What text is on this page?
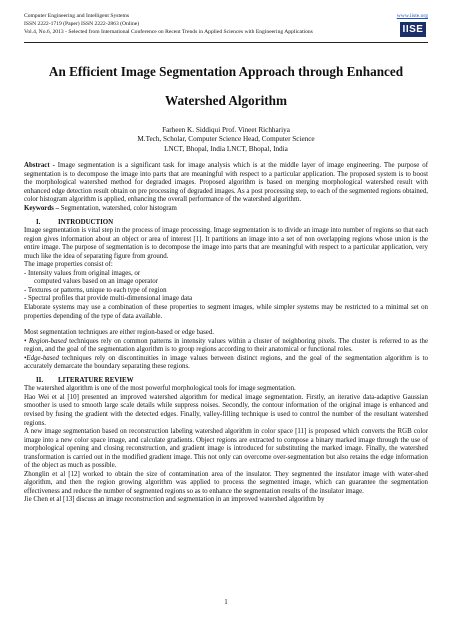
Computer Engineering and Intelligent Systems	www.iiste.org
ISSN 2222-1719 (Paper) ISSN 2222-2863 (Online)
Vol.4, No.6, 2013 - Selected from International Conference on Recent Trends in Applied Sciences with Engineering Applications	IISE
An Efficient Image Segmentation Approach through Enhanced
Watershed Algorithm
Farheen K. Siddiqui Prof. Vineet Richhariya
M.Tech, Scholar, Computer Science Head, Computer Science
LNCT, Bhopal, India LNCT, Bhopal, India

Abstract - Image segmentation is a significant task for image analysis which is at the middle layer of image engineering. The purpose of segmentation is to decompose the image into parts that are meaningful with respect to a particular application. The proposed system is to boost the morphological watershed method for degraded images. Proposed algorithm is based on merging morphological watershed result with enhanced edge detection result obtain on pre processing of degraded images. As a post processing step, to each of the segmented regions obtained, color histogram algorithm is applied, enhancing the overall performance of the watershed algorithm.

Keywords – Segmentation, watershed, color histogram

I.	INTRODUCTION

Image segmentation is vital step in the process of image processing. Image segmentation is to divide an image into number of regions so that each region gives information about an object or area of interest [1]. It partitions an image into a set of non overlapping regions whose union is the entire image. The purpose of segmentation is to decompose the image into parts that are meaningful with respect to a particular application, very much like the idea of separating figure from ground.

The image properties consist of:

- Intensity values from original images, or

computed values based on an image operator

- Textures or patterns, unique to each type of region

- Spectral profiles that provide multi-dimensional image data

Elaborate systems may use a combination of these properties to segment images, while simpler systems may be restricted to a minimal set on properties depending of the type of data available.

Most segmentation techniques are either region-based or edge based.

• Region-based techniques rely on common patterns in intensity values within a cluster of neighboring pixels. The cluster is referred to as the region, and the goal of the segmentation algorithm is to group regions according to their anatomical or functional roles.

•Edge-based techniques rely on discontinuities in image values between distinct regions, and the goal of the segmentation algorithm is to accurately demarcate the boundary separating these regions.

II. LITERATURE REVIEW

The watershed algorithm is one of the most powerful morphological tools for image segmentation.

Hao Wei et al [10] presented an improved watershed algorithm for medical image segmentation. Firstly, an iterative data-adaptive Gaussian smoother is used to smooth large scale details while suppress noises. Secondly, the contour information of the original image is enhanced and revised by fusing the gradient with the detected edges. Finally, valley-filling technique is used to control the number of the resultant watershed regions.

A new image segmentation based on reconstruction labeling watershed algorithm in color space [11] is proposed which converts the RGB color image into a new color space image, and calculate gradients. Object regions are extracted to compose a binary marked image through the use of morphological opening and closing reconstruction, and gradient image is introduced for substituting the marked image. Finally, the watershed transformation is carried out in the modified gradient image. This not only can overcome over-segmentation but also retains the edge information of the object as much as possible.

Zhonglin et al [12] worked to obtain the size of contamination area of the insulator. They segmented the insulator image with water-shed algorithm, and then the region growing algorithm was applied to process the segmented image, which can guarantee the segmentation effectiveness and reduce the number of segmented regions so as to enhance the segmentation results of the insulator image.

Jie Chen et al [13] discuss an image reconstruction and segmentation in an improved watershed algorithm by

1
